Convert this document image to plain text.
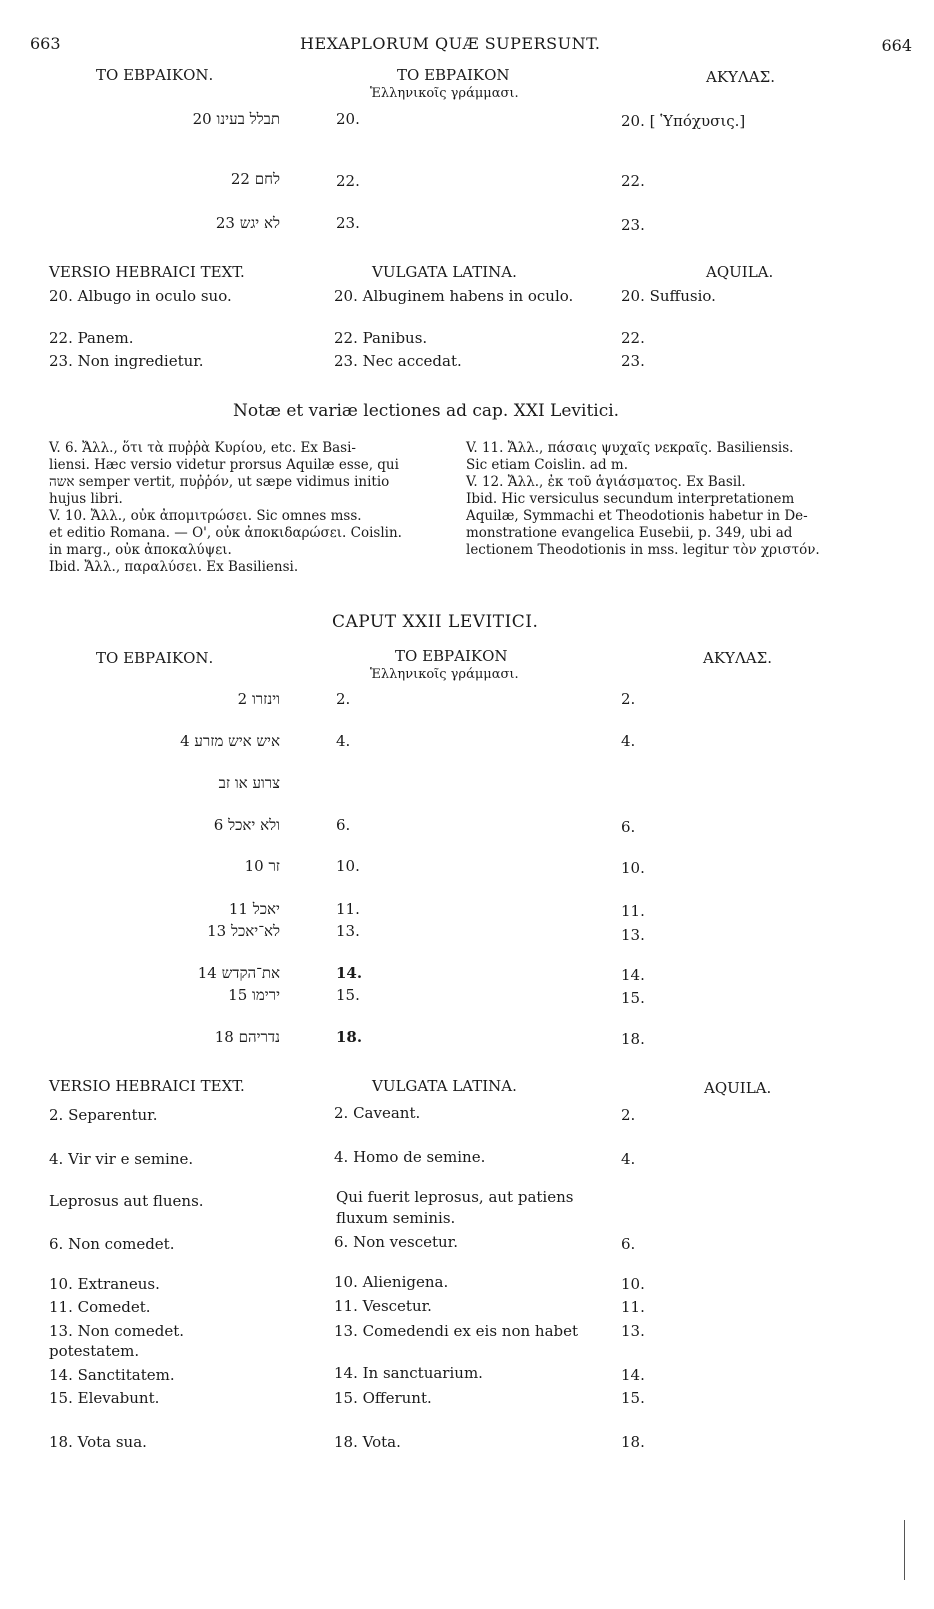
663	HEXAPLORUM QUÆ SUPERSUNT.	664
ΤΟ ΕΒΡΑΙΚΟΝ.	ΤΟ ΕΒΡΑΙΚΟΝ
Ἑλληνικοῖς γράμμασι.
ΑΚΥΛΑΣ.
תבלל בעינו 20	20.	20. [ Ὑπόχυσις.]
לחם 22	22.	22.
לא יגש 23	23.	23.
VERSIO HEBRAICI TEXT.	VULGATA LATINA.	AQUILA.
20. Albugo in oculo suo.	20. Albuginem habens in oculo.	20. Suffusio.
22. Panem.	22. Panibus.	22.
23. Non ingredietur.	23. Nec accedat.	23.
Notæ et variæ lectiones ad cap. XXI Levitici.

V. 6. Ἄλλ., ὅτι τὰ πυῤῥὰ Κυρίου, etc. Ex Basi-

liensi. Hæc versio videtur prorsus Aquilæ esse, qui

אשה semper vertit, πυῤῥόν, ut sæpe vidimus initio

hujus libri.

V. 10. Ἄλλ., οὐκ ἀπομιτρώσει. Sic omnes mss.

et editio Romana. — Ο', οὐκ ἀποκιδαρώσει. Coislin.

in marg., οὐκ ἀποκαλύψει.

Ibid. Ἄλλ., παραλύσει. Ex Basiliensi.

V. 11. Ἄλλ., πάσαις ψυχαῖς νεκραῖς. Basiliensis.

Sic etiam Coislin. ad m.

V. 12. Ἄλλ., ἐκ τοῦ ἁγιάσματος. Ex Basil.

Ibid. Hic versiculus secundum interpretationem

Aquilæ, Symmachi et Theodotionis habetur in De-

monstratione evangelica Eusebii, p. 349, ubi ad

lectionem Theodotionis in mss. legitur τὸν χριστόν.

CAPUT XXII LEVITICI.
ΤΟ ΕΒΡΑΙΚΟΝ.	ΤΟ ΕΒΡΑΙΚΟΝ
Ἑλληνικοῖς γράμμασι.
ΑΚΥΛΑΣ.
וינזרו 2	2.	2.
איש איש מזרע 4	4.	4.
צרוע או זב
ולא יאכל 6	6.	6.
זר 10	10.	10.
יאכל 11	11.	11.
לא־יאכל 13	13.	13.
את־הקדש 14	14.	14.
ירימו 15	15.	15.
נדריהם 18	18.	18.
VERSIO HEBRAICI TEXT.	VULGATA LATINA.	AQUILA.
2. Separentur.	2. Caveant.	2.
4. Vir vir e semine.	4. Homo de semine.	4.
Leprosus aut fluens.	Qui fuerit leprosus, aut patiens
fluxum seminis.
6. Non comedet.	6. Non vescetur.	6.
10. Extraneus.	10. Alienigena.	10.
11. Comedet.	11. Vescetur.	11.
13. Non comedet.	13. Comedendi ex eis non habet
potestatem.
13.
14. Sanctitatem.	14. In sanctuarium.	14.
15. Elevabunt.	15. Offerunt.	15.
18. Vota sua.	18. Vota.	18.
